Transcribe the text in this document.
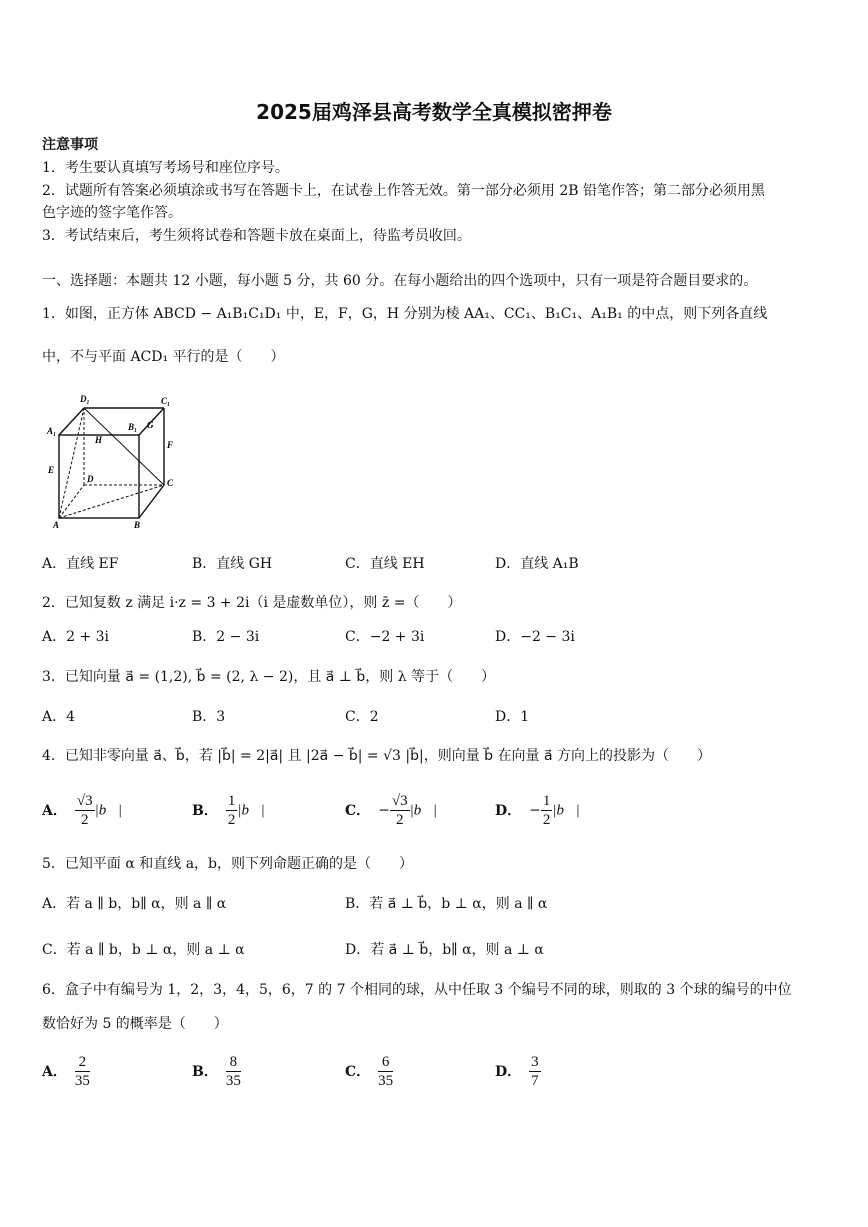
2025届鸡泽县高考数学全真模拟密押卷
注意事项
1．考生要认真填写考场号和座位序号。
2．试题所有答案必须填涂或书写在答题卡上，在试卷上作答无效。第一部分必须用 2B 铅笔作答；第二部分必须用黑
色字迹的签字笔作答。
3．考试结束后，考生须将试卷和答题卡放在桌面上，待监考员收回。
一、选择题：本题共 12 小题，每小题 5 分，共 60 分。在每小题给出的四个选项中，只有一项是符合题目要求的。
1．如图，正方体 ABCD − A₁B₁C₁D₁ 中，E，F，G，H 分别为棱 AA₁、CC₁、B₁C₁、A₁B₁ 的中点，则下列各直线
中，不与平面 ACD₁ 平行的是（　　）
D₁	C₁
A₁	B₁ G
H	F
E
D	C
A	B
A．直线 EF	B．直线 GH	C．直线 EH	D．直线 A₁B
2．已知复数 z 满足 i·z = 3 + 2i（i 是虚数单位），则 z̄ =（　　）
A．2 + 3i	B．2 − 3i	C．−2 + 3i	D．−2 − 3i
3．已知向量 a⃗ = (1,2), b⃗ = (2, λ − 2)，且 a⃗ ⊥ b⃗，则 λ 等于（　　）
A．4	B．3	C．2	D．1
4．已知非零向量 a⃗、b⃗，若 |b⃗| = 2|a⃗| 且 |2a⃗ − b⃗| = √3 |b⃗|，则向量 b⃗ 在向量 a⃗ 方向上的投影为（　　）
A． $\frac{√3}{2}$ |b⃗|	B． $\frac{1}{2}$ |b⃗|	C． − $\frac{√3}{2}$ |b⃗|	D． − $\frac{1}{2}$ |b⃗|
5．已知平面 α 和直线 a，b，则下列命题正确的是（　　）
A．若 a ∥ b，b∥ α，则 a ∥ α	B．若 a⃗ ⊥ b⃗，b ⊥ α，则 a ∥ α
C．若 a ∥ b，b ⊥ α，则 a ⊥ α	D．若 a⃗ ⊥ b⃗，b∥ α，则 a ⊥ α
6．盒子中有编号为 1，2，3，4，5，6，7 的 7 个相同的球，从中任取 3 个编号不同的球，则取的 3 个球的编号的中位
数恰好为 5 的概率是（　　）
A． $\frac{2}{35}$	B． $\frac{8}{35}$	C． $\frac{6}{35}$	D． $\frac{3}{7}$
